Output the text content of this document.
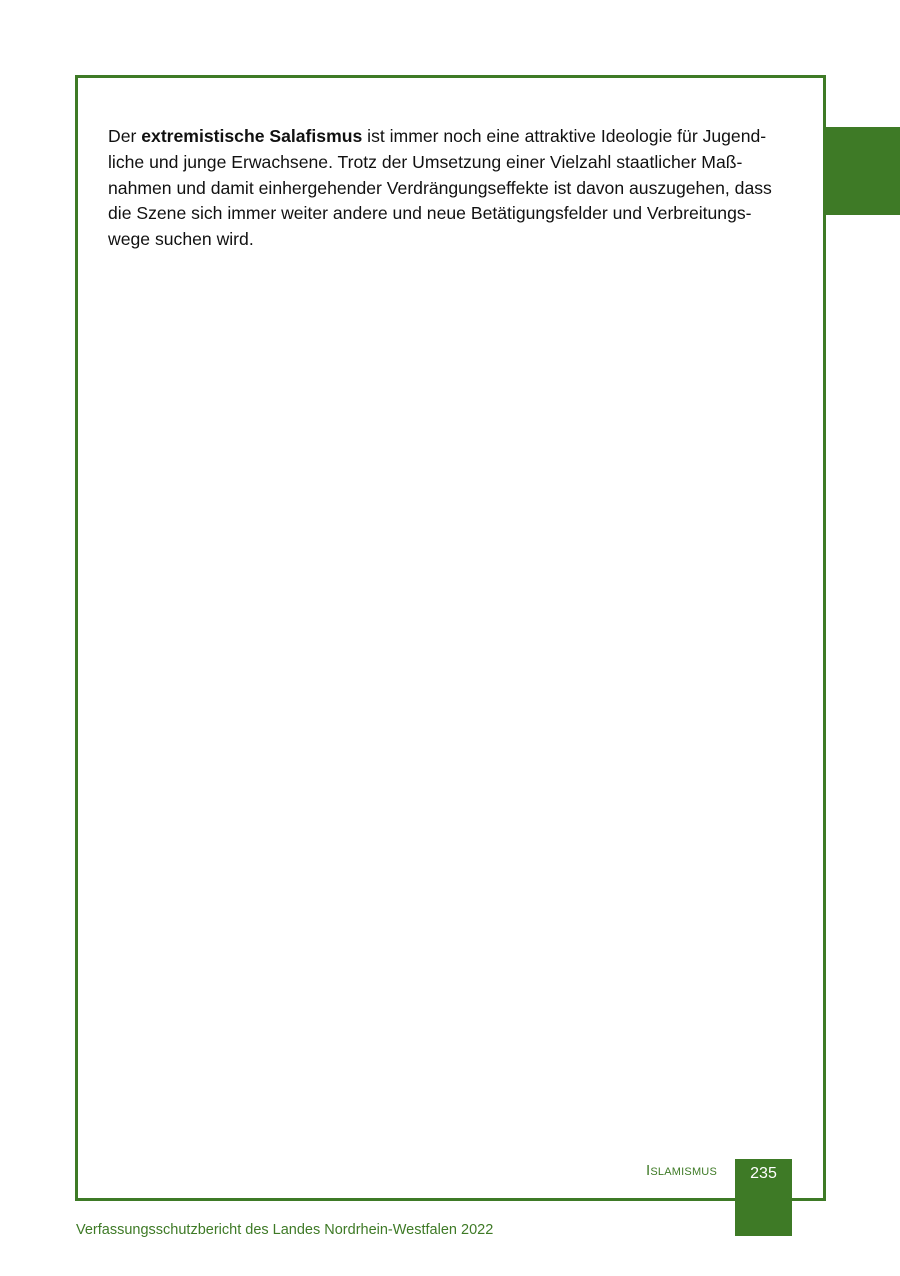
Der extremistische Salafismus ist immer noch eine attraktive Ideologie für Jugend-
liche und junge Erwachsene. Trotz der Umsetzung einer Vielzahl staatlicher Maß-
nahmen und damit einhergehender Verdrängungseffekte ist davon auszugehen, dass
die Szene sich immer weiter andere und neue Betätigungsfelder und Verbreitungs-
wege suchen wird.

Islamismus	235
Verfassungsschutzbericht des Landes Nordrhein-Westfalen 2022
